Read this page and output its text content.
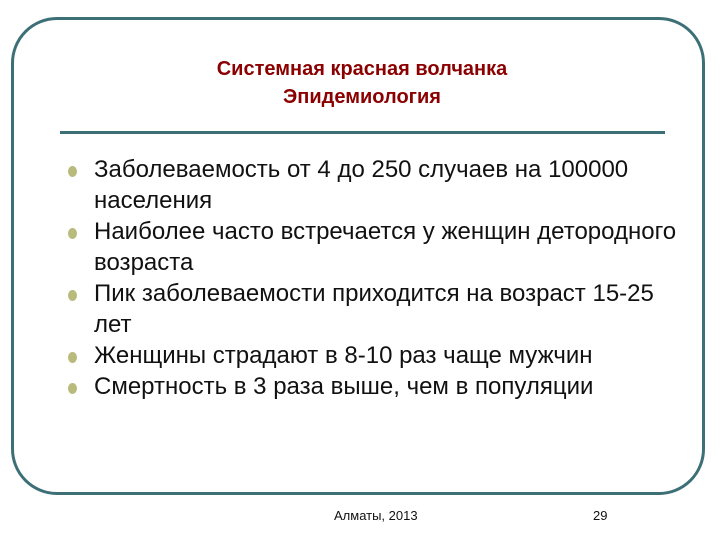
Системная красная волчанка
Эпидемиология
Заболеваемость от 4 до 250 случаев на 100000 населения
Наиболее часто встречается у женщин детородного возраста
Пик заболеваемости приходится на возраст 15-25 лет
Женщины страдают в 8-10 раз чаще мужчин
Смертность в 3 раза выше, чем в популяции
Алматы, 2013	29
